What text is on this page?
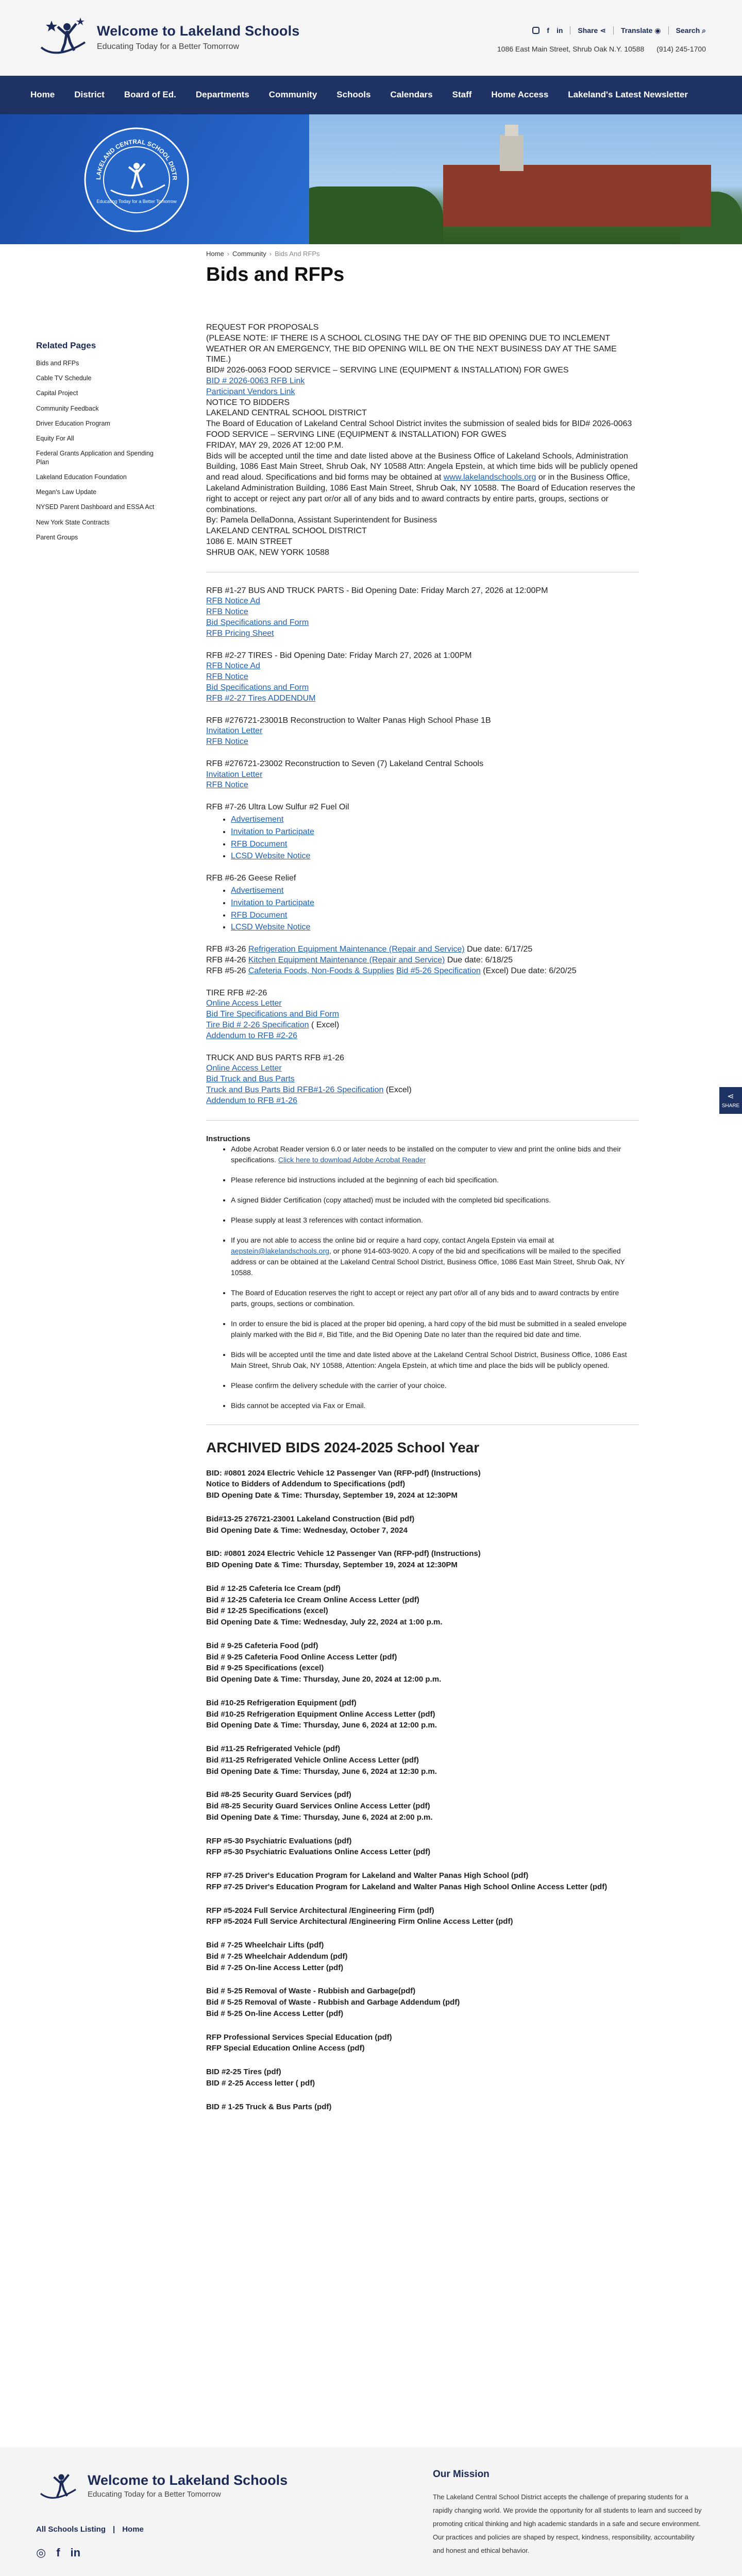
Welcome to Lakeland Schools
Educating Today for a Better Tomorrow
f in Share ⋖ Translate ◉ Search ⌕
1086 East Main Street, Shrub Oak N.Y. 10588 (914) 245-1700
Home	District	Board of Ed.	Departments	Community	Schools	Calendars	Staff	Home Access	Lakeland's Latest Newsletter
LAKELAND CENTRAL SCHOOL DISTR
Educating Today for a Better Tomorrow
Related Pages
Bids and RFPs
Cable TV Schedule
Capital Project
Community Feedback
Driver Education Program
Equity For All
Federal Grants Application and Spending Plan
Lakeland Education Foundation
Megan's Law Update
NYSED Parent Dashboard and ESSA Act
New York State Contracts
Parent Groups
Home › Community › Bids And RFPs
Bids and RFPs

REQUEST FOR PROPOSALS

(PLEASE NOTE: IF THERE IS A SCHOOL CLOSING THE DAY OF THE BID OPENING DUE TO INCLEMENT WEATHER OR AN EMERGENCY, THE BID OPENING WILL BE ON THE NEXT BUSINESS DAY AT THE SAME TIME.)

BID# 2026-0063 FOOD SERVICE – SERVING LINE (EQUIPMENT & INSTALLATION) FOR GWES

BID # 2026-0063 RFB Link

Participant Vendors Link

NOTICE TO BIDDERS

LAKELAND CENTRAL SCHOOL DISTRICT

The Board of Education of Lakeland Central School District invites the submission of sealed bids for BID# 2026-0063 FOOD SERVICE – SERVING LINE (EQUIPMENT & INSTALLATION) FOR GWES

FRIDAY, MAY 29, 2026 AT 12:00 P.M.

Bids will be accepted until the time and date listed above at the Business Office of Lakeland Schools, Administration Building, 1086 East Main Street, Shrub Oak, NY 10588 Attn: Angela Epstein, at which time bids will be publicly opened and read aloud. Specifications and bid forms may be obtained at www.lakelandschools.org or in the Business Office, Lakeland Administration Building, 1086 East Main Street, Shrub Oak, NY 10588. The Board of Education reserves the right to accept or reject any part or/or all of any bids and to award contracts by entire parts, groups, sections or combinations.

By: Pamela DellaDonna, Assistant Superintendent for Business

LAKELAND CENTRAL SCHOOL DISTRICT

1086 E. MAIN STREET

SHRUB OAK, NEW YORK 10588

RFB #1-27 BUS AND TRUCK PARTS - Bid Opening Date: Friday March 27, 2026 at 12:00PM

RFB Notice Ad

RFB Notice

Bid Specifications and Form

RFB Pricing Sheet

RFB #2-27 TIRES - Bid Opening Date: Friday March 27, 2026 at 1:00PM

RFB Notice Ad

RFB Notice

Bid Specifications and Form

RFB #2-27 Tires ADDENDUM

RFB #276721-23001B Reconstruction to Walter Panas High School Phase 1B

Invitation Letter

RFB Notice

RFB #276721-23002 Reconstruction to Seven (7) Lakeland Central Schools

Invitation Letter

RFB Notice

RFB #7-26 Ultra Low Sulfur #2 Fuel Oil

• Advertisement
• Invitation to Participate
• RFB Document
• LCSD Website Notice

RFB #6-26 Geese Relief

• Advertisement
• Invitation to Participate
• RFB Document
• LCSD Website Notice

RFB #3-26 Refrigeration Equipment Maintenance (Repair and Service) Due date: 6/17/25

RFB #4-26 Kitchen Equipment Maintenance (Repair and Service) Due date: 6/18/25

RFB #5-26 Cafeteria Foods, Non-Foods & Supplies Bid #5-26 Specification (Excel) Due date: 6/20/25

TIRE RFB #2-26

Online Access Letter

Bid Tire Specifications and Bid Form

Tire Bid # 2-26 Specification ( Excel)

Addendum to RFB #2-26

TRUCK AND BUS PARTS RFB #1-26

Online Access Letter

Bid Truck and Bus Parts

Truck and Bus Parts Bid RFB#1-26 Specification (Excel)

Addendum to RFB #1-26

Instructions

• Adobe Acrobat Reader version 6.0 or later needs to be installed on the computer to view and print the online bids and their specifications. Click here to download Adobe Acrobat Reader
• Please reference bid instructions included at the beginning of each bid specification.
• A signed Bidder Certification (copy attached) must be included with the completed bid specifications.
• Please supply at least 3 references with contact information.
• If you are not able to access the online bid or require a hard copy, contact Angela Epstein via email at aepstein@lakelandschools.org, or phone 914-603-9020. A copy of the bid and specifications will be mailed to the specified address or can be obtained at the Lakeland Central School District, Business Office, 1086 East Main Street, Shrub Oak, NY 10588.
• The Board of Education reserves the right to accept or reject any part of/or all of any bids and to award contracts by entire parts, groups, sections or combination.
• In order to ensure the bid is placed at the proper bid opening, a hard copy of the bid must be submitted in a sealed envelope plainly marked with the Bid #, Bid Title, and the Bid Opening Date no later than the required bid date and time.
• Bids will be accepted until the time and date listed above at the Lakeland Central School District, Business Office, 1086 East Main Street, Shrub Oak, NY 10588, Attention: Angela Epstein, at which time and place the bids will be publicly opened.
• Please confirm the delivery schedule with the carrier of your choice.
• Bids cannot be accepted via Fax or Email.
ARCHIVED BIDS 2024-2025 School Year

BID: #0801 2024 Electric Vehicle 12 Passenger Van (RFP-pdf) (Instructions)

Notice to Bidders of Addendum to Specifications (pdf)

BID Opening Date & Time: Thursday, September 19, 2024 at 12:30PM

Bid#13-25 276721-23001 Lakeland Construction (Bid pdf)

Bid Opening Date & Time: Wednesday, October 7, 2024

BID: #0801 2024 Electric Vehicle 12 Passenger Van (RFP-pdf) (Instructions)

BID Opening Date & Time: Thursday, September 19, 2024 at 12:30PM

Bid # 12-25 Cafeteria Ice Cream (pdf)

Bid # 12-25 Cafeteria Ice Cream Online Access Letter (pdf)

Bid # 12-25 Specifications (excel)

Bid Opening Date & Time: Wednesday, July 22, 2024 at 1:00 p.m.

Bid # 9-25 Cafeteria Food (pdf)

Bid # 9-25 Cafeteria Food Online Access Letter (pdf)

Bid # 9-25 Specifications (excel)

Bid Opening Date & Time: Thursday, June 20, 2024 at 12:00 p.m.

Bid #10-25 Refrigeration Equipment (pdf)

Bid #10-25 Refrigeration Equipment Online Access Letter (pdf)

Bid Opening Date & Time: Thursday, June 6, 2024 at 12:00 p.m.

Bid #11-25 Refrigerated Vehicle (pdf)

Bid #11-25 Refrigerated Vehicle Online Access Letter (pdf)

Bid Opening Date & Time: Thursday, June 6, 2024 at 12:30 p.m.

Bid #8-25 Security Guard Services (pdf)

Bid #8-25 Security Guard Services Online Access Letter (pdf)

Bid Opening Date & Time: Thursday, June 6, 2024 at 2:00 p.m.

RFP #5-30 Psychiatric Evaluations (pdf)

RFP #5-30 Psychiatric Evaluations Online Access Letter (pdf)

RFP #7-25 Driver's Education Program for Lakeland and Walter Panas High School (pdf)

RFP #7-25 Driver's Education Program for Lakeland and Walter Panas High School Online Access Letter (pdf)

RFP #5-2024 Full Service Architectural /Engineering Firm (pdf)

RFP #5-2024 Full Service Architectural /Engineering Firm Online Access Letter (pdf)

Bid # 7-25 Wheelchair Lifts (pdf)

Bid # 7-25 Wheelchair Addendum (pdf)

Bid # 7-25 On-line Access Letter (pdf)

Bid # 5-25 Removal of Waste - Rubbish and Garbage(pdf)

Bid # 5-25 Removal of Waste - Rubbish and Garbage Addendum (pdf)

Bid # 5-25 On-line Access Letter (pdf)

RFP Professional Services Special Education (pdf)

RFP Special Education Online Access (pdf)

BID #2-25 Tires (pdf)

BID # 2-25 Access letter ( pdf)

BID # 1-25 Truck & Bus Parts (pdf)

⋖
SHARE
Welcome to Lakeland Schools
Educating Today for a Better Tomorrow
All Schools Listing | Home
◎ f in
Our Mission

The Lakeland Central School District accepts the challenge of preparing students for a rapidly changing world. We provide the opportunity for all students to learn and succeed by promoting critical thinking and high academic standards in a safe and secure environment. Our practices and policies are shaped by respect, kindness, responsibility, accountability and honest and ethical behavior.
